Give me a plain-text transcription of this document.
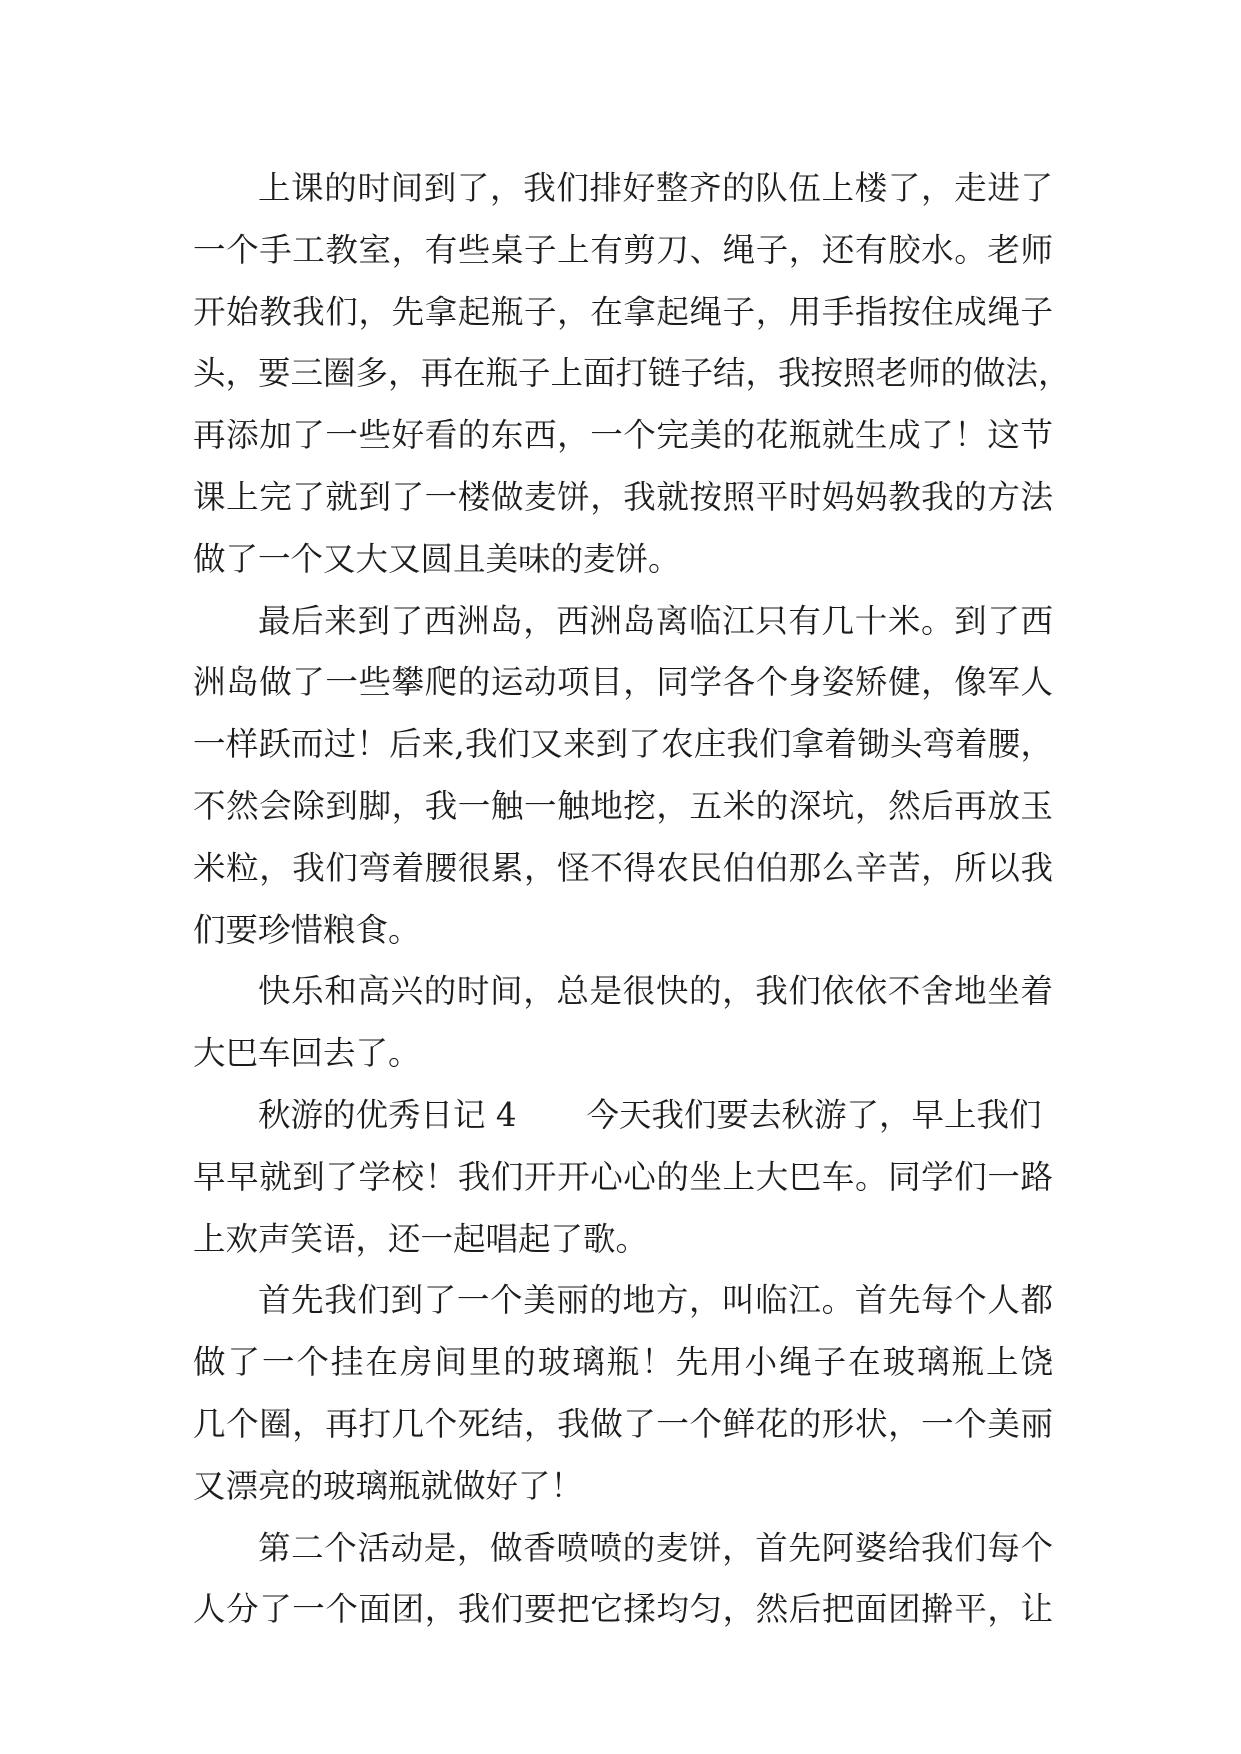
上课的时间到了，我们排好整齐的队伍上楼了，走进了
一个手工教室，有些桌子上有剪刀、绳子，还有胶水。老师
开始教我们，先拿起瓶子，在拿起绳子，用手指按住成绳子
头，要三圈多，再在瓶子上面打链子结，我按照老师的做法，
再添加了一些好看的东西，一个完美的花瓶就生成了！这节
课上完了就到了一楼做麦饼，我就按照平时妈妈教我的方法
做了一个又大又圆且美味的麦饼。
最后来到了西洲岛，西洲岛离临江只有几十米。到了西
洲岛做了一些攀爬的运动项目，同学各个身姿矫健，像军人
一样跃而过！后来,我们又来到了农庄我们拿着锄头弯着腰，
不然会除到脚，我一触一触地挖，五米的深坑，然后再放玉
米粒，我们弯着腰很累，怪不得农民伯伯那么辛苦，所以我
们要珍惜粮食。
快乐和高兴的时间，总是很快的，我们依依不舍地坐着
大巴车回去了。
秋游的优秀日记 4 今天我们要去秋游了，早上我们
早早就到了学校！我们开开心心的坐上大巴车。同学们一路
上欢声笑语，还一起唱起了歌。
首先我们到了一个美丽的地方，叫临江。首先每个人都
做了一个挂在房间里的玻璃瓶！先用小绳子在玻璃瓶上饶
几个圈，再打几个死结，我做了一个鲜花的形状，一个美丽
又漂亮的玻璃瓶就做好了！
第二个活动是，做香喷喷的麦饼，首先阿婆给我们每个
人分了一个面团，我们要把它揉均匀，然后把面团擀平，让
